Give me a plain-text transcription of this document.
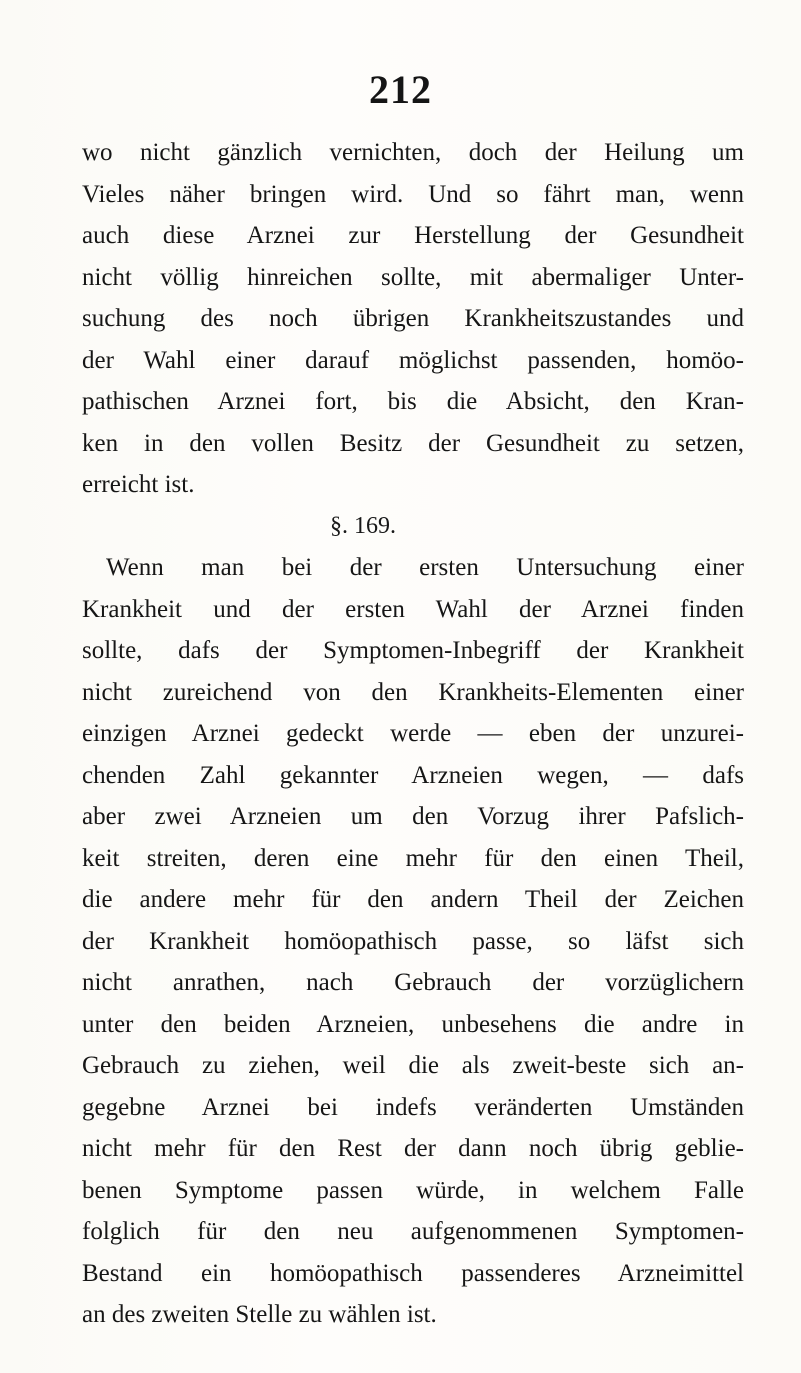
212
wo nicht gänzlich vernichten, doch der Heilung um
Vieles näher bringen wird. Und so fährt man, wenn
auch diese Arznei zur Herstellung der Gesundheit
nicht völlig hinreichen sollte, mit abermaliger Unter-
suchung des noch übrigen Krankheitszustandes und
der Wahl einer darauf möglichst passenden, homöo-
pathischen Arznei fort, bis die Absicht, den Kran-
ken in den vollen Besitz der Gesundheit zu setzen,
erreicht ist.
§. 169.
Wenn man bei der ersten Untersuchung einer
Krankheit und der ersten Wahl der Arznei finden
sollte, dafs der Symptomen-Inbegriff der Krankheit
nicht zureichend von den Krankheits-Elementen einer
einzigen Arznei gedeckt werde — eben der unzurei-
chenden Zahl gekannter Arzneien wegen, — dafs
aber zwei Arzneien um den Vorzug ihrer Pafslich-
keit streiten, deren eine mehr für den einen Theil,
die andere mehr für den andern Theil der Zeichen
der Krankheit homöopathisch passe, so läfst sich
nicht anrathen, nach Gebrauch der vorzüglichern
unter den beiden Arzneien, unbesehens die andre in
Gebrauch zu ziehen, weil die als zweit-beste sich an-
gegebne Arznei bei indefs veränderten Umständen
nicht mehr für den Rest der dann noch übrig geblie-
benen Symptome passen würde, in welchem Falle
folglich für den neu aufgenommenen Symptomen-
Bestand ein homöopathisch passenderes Arzneimittel
an des zweiten Stelle zu wählen ist.
